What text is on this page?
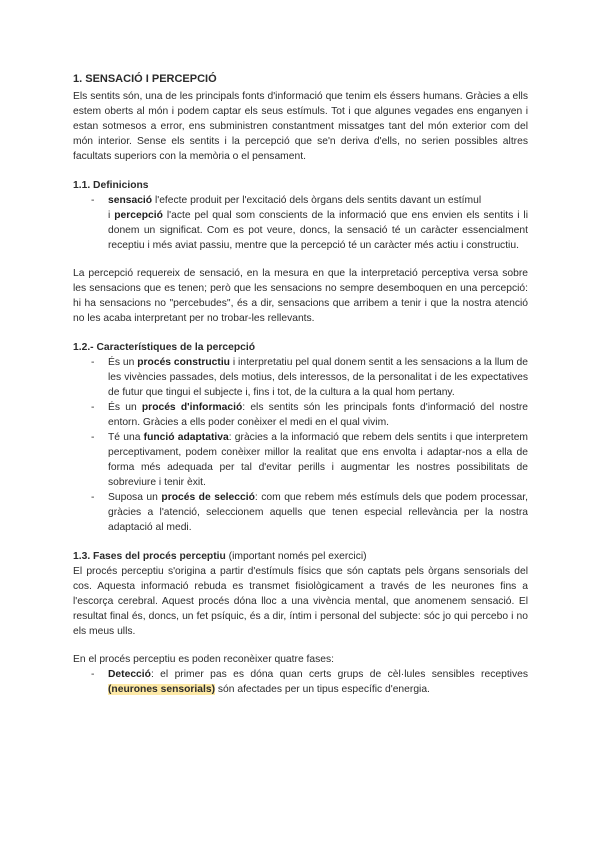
1. SENSACIÓ I PERCEPCIÓ

Els sentits són, una de les principals fonts d'informació que tenim els éssers humans. Gràcies a ells estem oberts al món i podem captar els seus estímuls. Tot i que algunes vegades ens enganyen i estan sotmesos a error, ens subministren constantment missatges tant del món exterior com del món interior. Sense els sentits i la percepció que se'n deriva d'ells, no serien possibles altres facultats superiors con la memòria o el pensament.

1.1. Definicions

- sensació l'efecte produit per l'excitació dels òrgans dels sentits davant un estímul
i percepció l'acte pel qual som conscients de la informació que ens envien els sentits i li donem un significat. Com es pot veure, doncs, la sensació té un caràcter essencialment receptiu i més aviat passiu, mentre que la percepció té un caràcter més actiu i constructiu.

La percepció requereix de sensació, en la mesura en que la interpretació perceptiva versa sobre les sensacions que es tenen; però que les sensacions no sempre desemboquen en una percepció: hi ha sensacions no "percebudes", és a dir, sensacions que arribem a tenir i que la nostra atenció no les acaba interpretant per no trobar-les rellevants.

1.2.- Característiques de la percepció

- És un procés constructiu i interpretatiu pel qual donem sentit a les sensacions a la llum de les vivències passades, dels motius, dels interessos, de la personalitat i de les expectatives de futur que tingui el subjecte i, fins i tot, de la cultura a la qual hom pertany.
- És un procés d'informació: els sentits són les principals fonts d'informació del nostre entorn. Gràcies a ells poder conèixer el medi en el qual vivim.
- Té una funció adaptativa: gràcies a la informació que rebem dels sentits i que interpretem perceptivament, podem conèixer millor la realitat que ens envolta i adaptar-nos a ella de forma més adequada per tal d'evitar perills i augmentar les nostres possibilitats de sobreviure i tenir èxit.
- Suposa un procés de selecció: com que rebem més estímuls dels que podem processar, gràcies a l'atenció, seleccionem aquells que tenen especial rellevància per la nostra adaptació al medi.

1.3. Fases del procés perceptiu (important només pel exercici)

El procés perceptiu s'origina a partir d'estímuls físics que són captats pels òrgans sensorials del cos. Aquesta informació rebuda es transmet fisiològicament a través de les neurones fins a l'escorça cerebral. Aquest procés dóna lloc a una vivència mental, que anomenem sensació. El resultat final és, doncs, un fet psíquic, és a dir, íntim i personal del subjecte: sóc jo qui percebo i no els meus ulls.

En el procés perceptiu es poden reconèixer quatre fases:

- Detecció: el primer pas es dóna quan certs grups de cèl·lules sensibles receptives (neurones sensorials) són afectades per un tipus específic d'energia.
